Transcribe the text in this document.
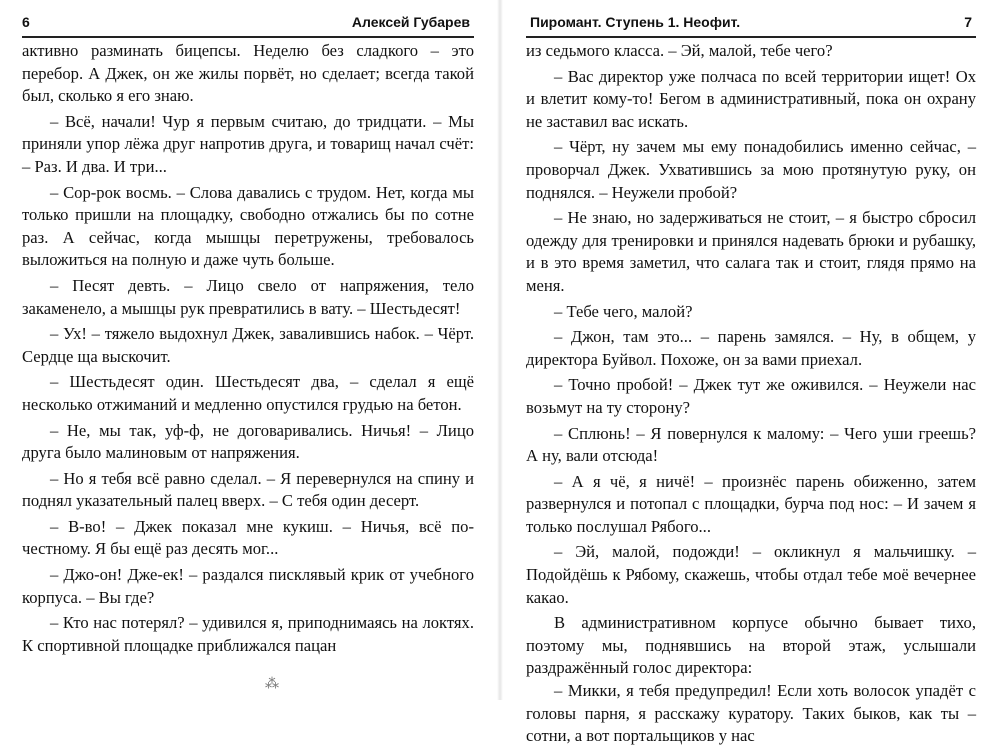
6	Алексей Губарев

активно разминать бицепсы. Неделю без сладкого – это перебор. А Джек, он же жилы порвёт, но сделает; всегда такой был, сколько я его знаю.

– Всё, начали! Чур я первым считаю, до тридцати. – Мы приняли упор лёжа друг напротив друга, и товарищ начал счёт: – Раз. И два. И три...

– Сор-рок восмь. – Слова давались с трудом. Нет, когда мы только пришли на площадку, свободно отжались бы по сотне раз. А сейчас, когда мышцы перетружены, требовалось выложиться на полную и даже чуть больше.

– Песят девть. – Лицо свело от напряжения, тело закаменело, а мышцы рук превратились в вату. – Шестьдесят!

– Ух! – тяжело выдохнул Джек, завалившись набок. – Чёрт. Сердце ща выскочит.

– Шестьдесят один. Шестьдесят два, – сделал я ещё несколько отжиманий и медленно опустился грудью на бетон.

– Не, мы так, уф-ф, не договаривались. Ничья! – Лицо друга было малиновым от напряжения.

– Но я тебя всё равно сделал. – Я перевернулся на спину и поднял указательный палец вверх. – С тебя один десерт.

– В-во! – Джек показал мне кукиш. – Ничья, всё по-честному. Я бы ещё раз десять мог...

– Джо-он! Дже-ек! – раздался писклявый крик от учебного корпуса. – Вы где?

– Кто нас потерял? – удивился я, приподнимаясь на локтях. К спортивной площадке приближался пацан

⁂
Пиромант. Ступень 1. Неофит.	7

из седьмого класса. – Эй, малой, тебе чего?

– Вас директор уже полчаса по всей территории ищет! Ох и влетит кому-то! Бегом в административный, пока он охрану не заставил вас искать.

– Чёрт, ну зачем мы ему понадобились именно сейчас, – проворчал Джек. Ухватившись за мою протянутую руку, он поднялся. – Неужели пробой?

– Не знаю, но задерживаться не стоит, – я быстро сбросил одежду для тренировки и принялся надевать брюки и рубашку, и в это время заметил, что салага так и стоит, глядя прямо на меня.

– Тебе чего, малой?

– Джон, там это... – парень замялся. – Ну, в общем, у директора Буйвол. Похоже, он за вами приехал.

– Точно пробой! – Джек тут же оживился. – Неужели нас возьмут на ту сторону?

– Сплюнь! – Я повернулся к малому: – Чего уши греешь? А ну, вали отсюда!

– А я чё, я ничё! – произнёс парень обиженно, затем развернулся и потопал с площадки, бурча под нос: – И зачем я только послушал Рябого...

– Эй, малой, подожди! – окликнул я мальчишку. – Подойдёшь к Рябому, скажешь, чтобы отдал тебе моё вечернее какао.

В административном корпусе обычно бывает тихо, поэтому мы, поднявшись на второй этаж, услышали раздражённый голос директора:

– Микки, я тебя предупредил! Если хоть волосок упадёт с головы парня, я расскажу куратору. Таких быков, как ты – сотни, а вот портальщиков у нас
